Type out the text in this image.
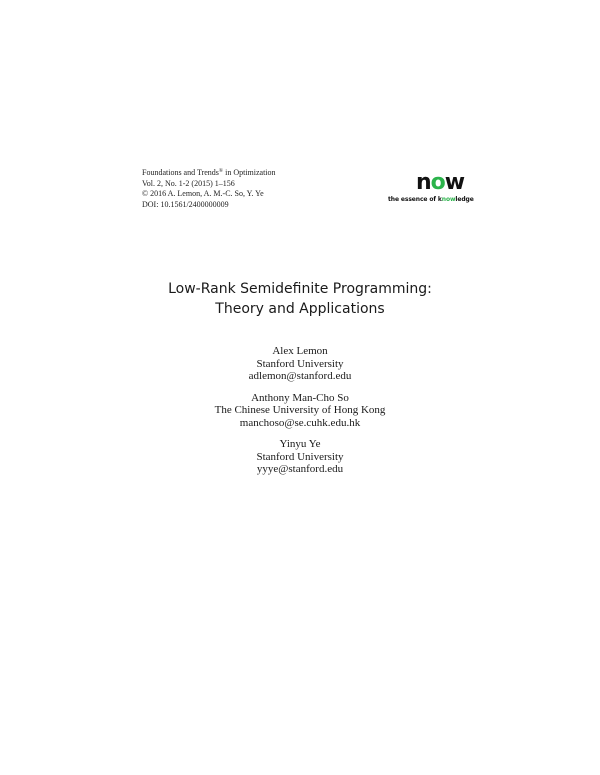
Foundations and Trends® in Optimization
Vol. 2, No. 1-2 (2015) 1–156
© 2016 A. Lemon, A. M.-C. So, Y. Ye
DOI: 10.1561/2400000009
now
the essence of knowledge
Low-Rank Semidefinite Programming:
Theory and Applications
Alex Lemon
Stanford University
adlemon@stanford.edu
Anthony Man-Cho So
The Chinese University of Hong Kong
manchoso@se.cuhk.edu.hk
Yinyu Ye
Stanford University
yyye@stanford.edu
